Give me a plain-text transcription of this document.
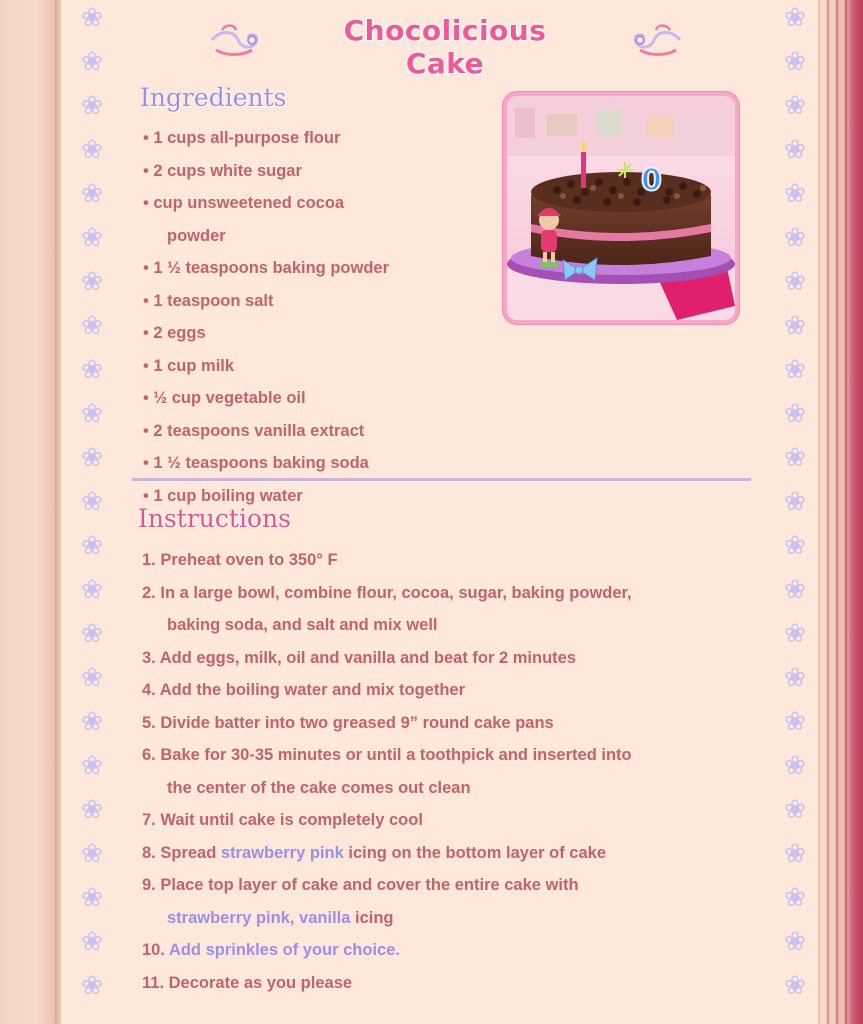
❀
❀
❀
❀
❀
❀
❀
❀
❀
❀
❀
❀
❀
❀
❀
❀
❀
❀
❀
❀
❀
❀
❀
❀
❀
❀
❀
❀
❀
❀
❀
❀
❀
❀
❀
❀
❀
❀
❀
❀
❀
❀
❀
❀
❀
❀
Chocolicious Cake
Ingredients
• 1 cups all-purpose flour
• 2 cups white sugar
• cup unsweetened cocoa
powder
• 1 ½ teaspoons baking powder
• 1 teaspoon salt
• 2 eggs
• 1 cup milk
• ½ cup vegetable oil
• 2 teaspoons vanilla extract
• 1 ½ teaspoons baking soda
• 1 cup boiling water
0
Instructions
1. Preheat oven to 350° F
2. In a large bowl, combine flour, cocoa, sugar, baking powder,
baking soda, and salt and mix well
3. Add eggs, milk, oil and vanilla and beat for 2 minutes
4. Add the boiling water and mix together
5. Divide batter into two greased 9” round cake pans
6. Bake for 30-35 minutes or until a toothpick and inserted into
the center of the cake comes out clean
7. Wait until cake is completely cool
8. Spread strawberry pink icing on the bottom layer of cake
9. Place top layer of cake and cover the entire cake with
strawberry pink, vanilla icing
10. Add sprinkles of your choice.
11. Decorate as you please
